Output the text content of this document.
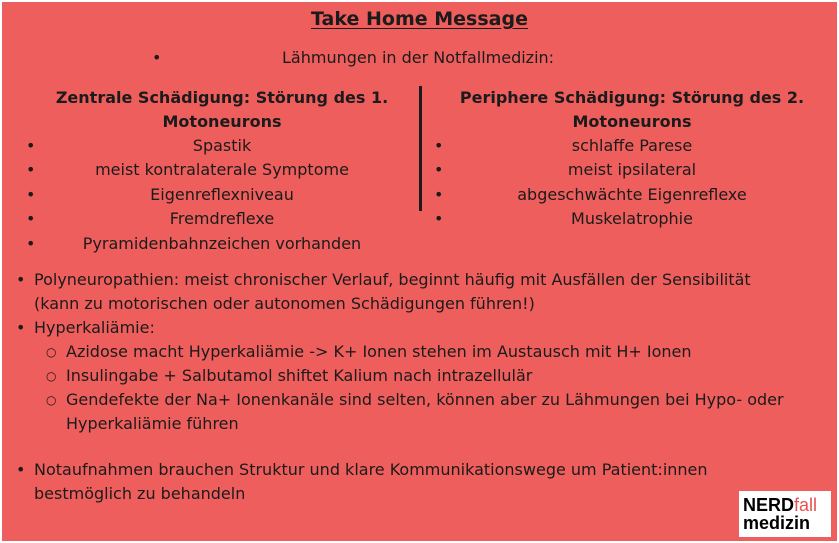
Take Home Message
•	Lähmungen in der Notfallmedizin:
Zentrale Schädigung: Störung des 1.
Motoneurons
•	Spastik
•	meist kontralaterale Symptome
•	Eigenreflexniveau
•	Fremdreflexe
•	Pyramidenbahnzeichen vorhanden
Periphere Schädigung: Störung des 2.
Motoneurons
•	schlaffe Parese
•	meist ipsilateral
•	abgeschwächte Eigenreflexe
•	Muskelatrophie
• Polyneuropathien: meist chronischer Verlauf, beginnt häufig mit Ausfällen der Sensibilität
(kann zu motorischen oder autonomen Schädigungen führen!)
• Hyperkaliämie:
○ Azidose macht Hyperkaliämie -> K+ Ionen stehen im Austausch mit H+ Ionen
○ Insulingabe + Salbutamol shiftet Kalium nach intrazellulär
○ Gendefekte der Na+ Ionenkanäle sind selten, können aber zu Lähmungen bei Hypo- oder
Hyperkaliämie führen
• Notaufnahmen brauchen Struktur und klare Kommunikationswege um Patient:innen
bestmöglich zu behandeln
NERDfall
medizin
